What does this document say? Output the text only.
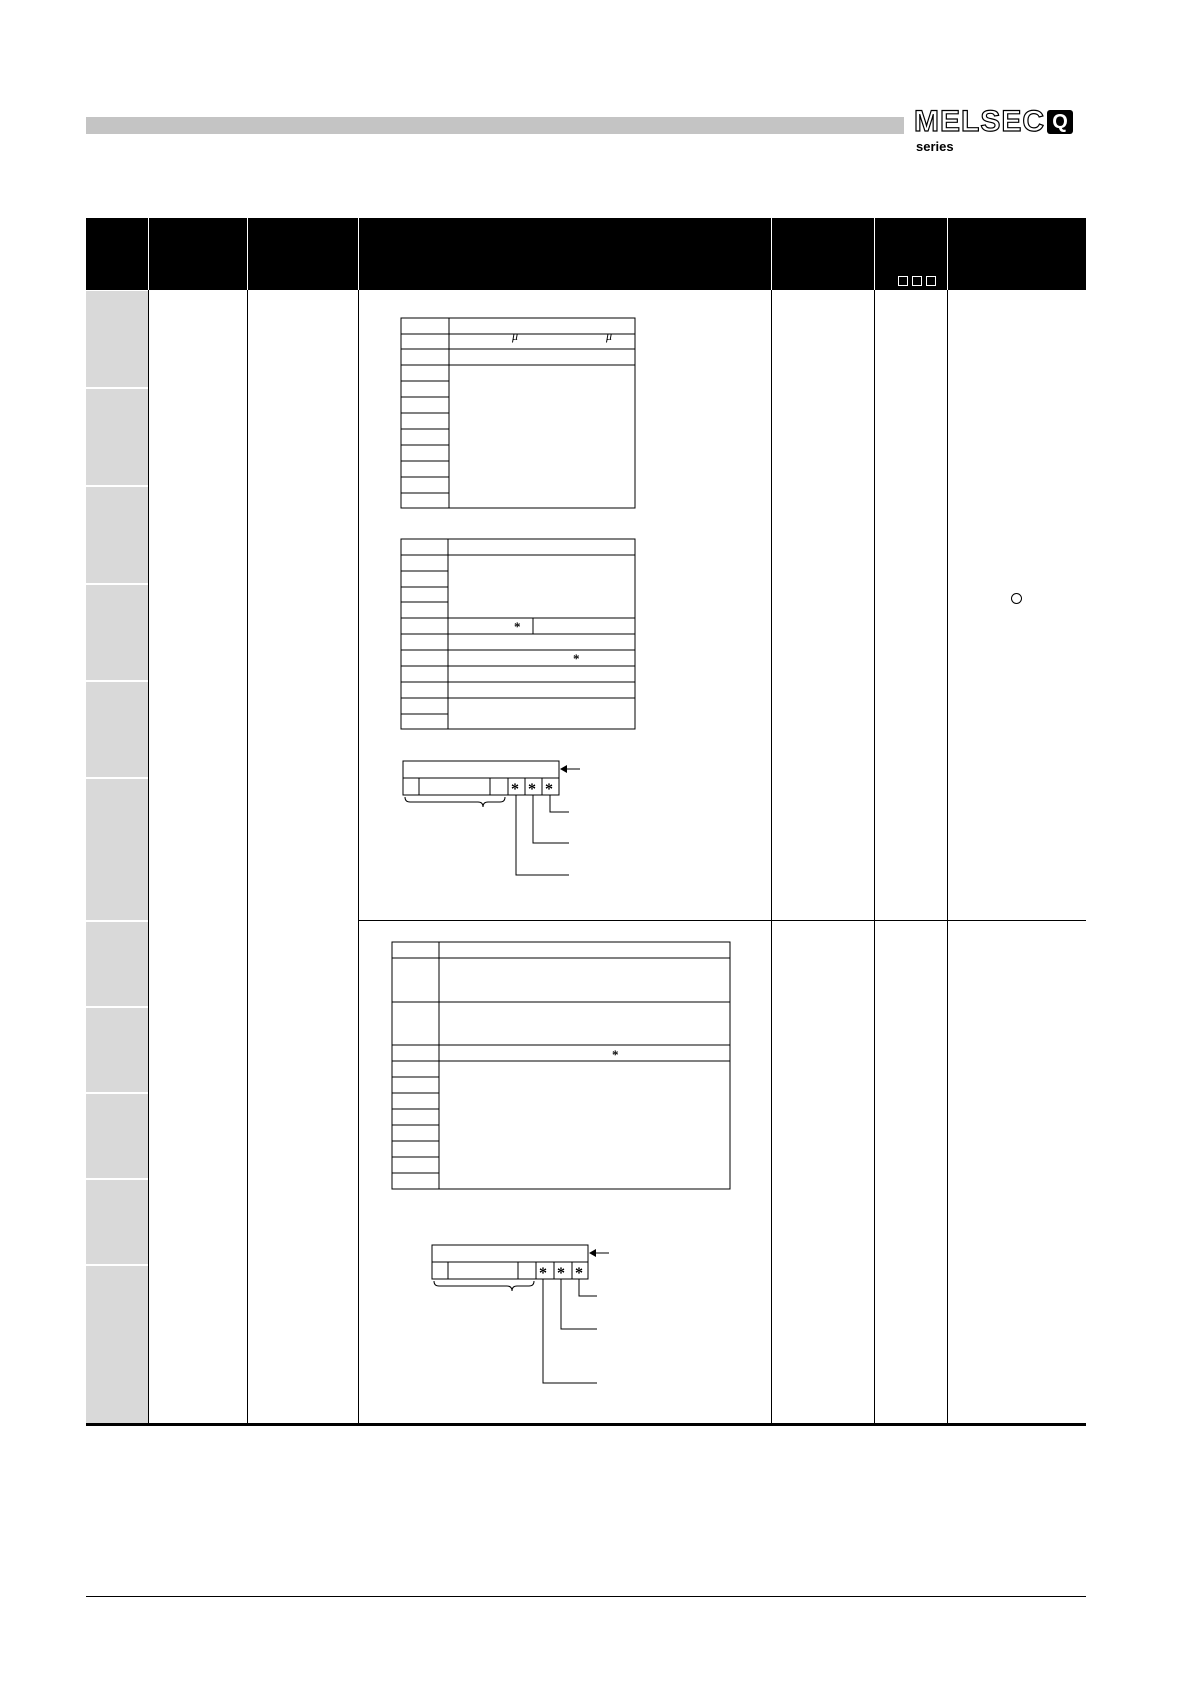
MELSEC Qseries
μ	μ
*
*
* * *
*
* * *
